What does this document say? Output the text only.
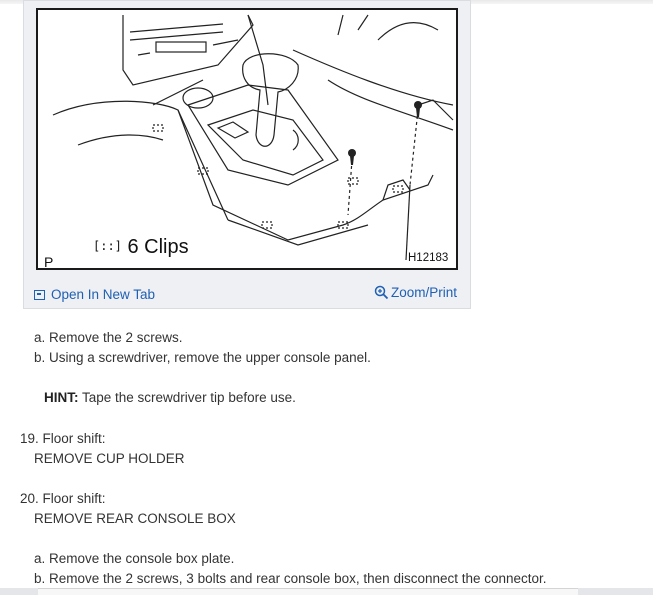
P
[::] 6 Clips	H12183
Open In New Tab	Zoom/Print
a. Remove the 2 screws.
b. Using a screwdriver, remove the upper console panel.
HINT: Tape the screwdriver tip before use.
19. Floor shift:
REMOVE CUP HOLDER
20. Floor shift:
REMOVE REAR CONSOLE BOX
a. Remove the console box plate.
b. Remove the 2 screws, 3 bolts and rear console box, then disconnect the connector.
